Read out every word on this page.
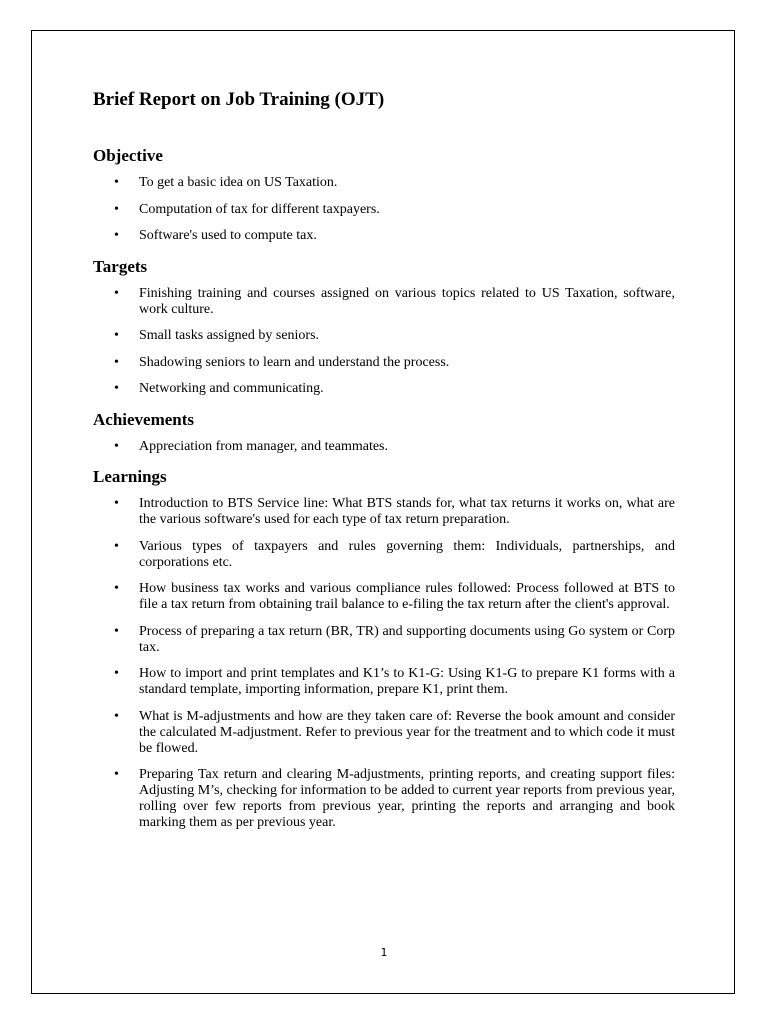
Brief Report on Job Training (OJT)
Objective
• To get a basic idea on US Taxation.
• Computation of tax for different taxpayers.
• Software's used to compute tax.
Targets
• Finishing training and courses assigned on various topics related to US Taxation, software, work culture.
• Small tasks assigned by seniors.
• Shadowing seniors to learn and understand the process.
• Networking and communicating.
Achievements
• Appreciation from manager, and teammates.
Learnings
• Introduction to BTS Service line: What BTS stands for, what tax returns it works on, what are the various software's used for each type of tax return preparation.
• Various types of taxpayers and rules governing them: Individuals, partnerships, and corporations etc.
• How business tax works and various compliance rules followed: Process followed at BTS to file a tax return from obtaining trail balance to e-filing the tax return after the client's approval.
• Process of preparing a tax return (BR, TR) and supporting documents using Go system or Corp tax.
• How to import and print templates and K1’s to K1-G: Using K1-G to prepare K1 forms with a standard template, importing information, prepare K1, print them.
• What is M-adjustments and how are they taken care of: Reverse the book amount and consider the calculated M-adjustment. Refer to previous year for the treatment and to which code it must be flowed.
• Preparing Tax return and clearing M-adjustments, printing reports, and creating support files: Adjusting M’s, checking for information to be added to current year reports from previous year, rolling over few reports from previous year, printing the reports and arranging and book marking them as per previous year.
1
